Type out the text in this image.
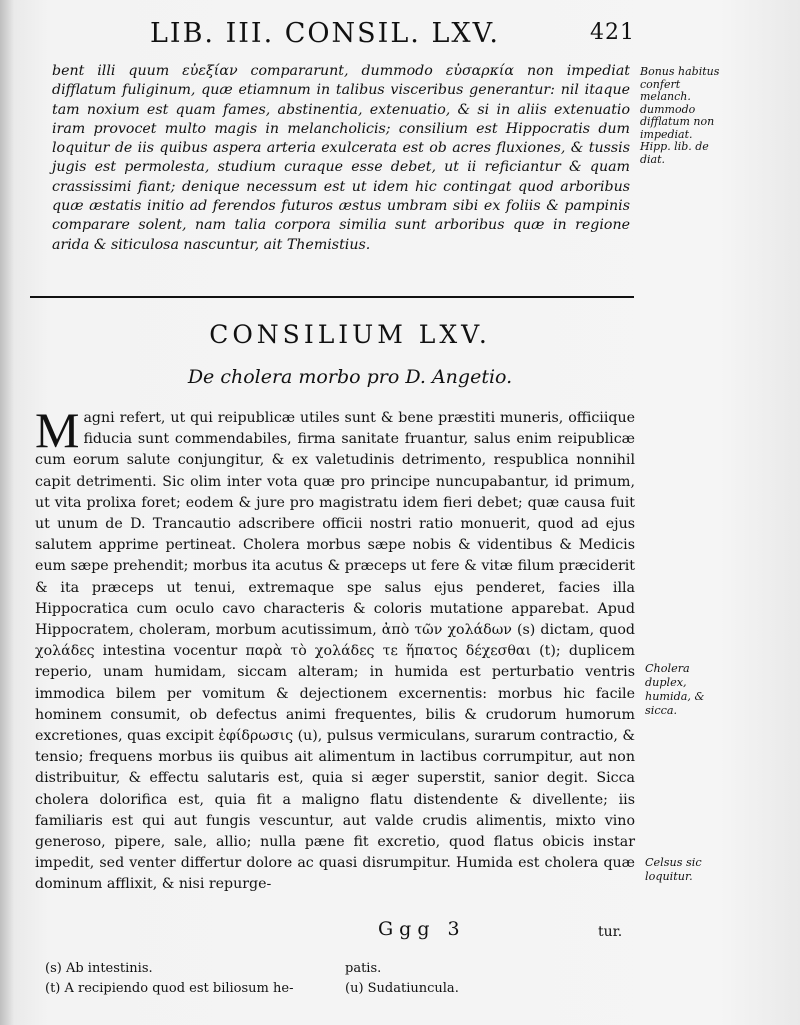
LIB. III. CONSIL. LXV.	421

bent illi quum εὐεξίαν compararunt, dummodo εὐσαρκία non impediat difflatum fuliginum, quæ etiamnum in talibus visceribus generantur: nil itaque tam noxium est quam fames, abstinentia, extenuatio, & si in aliis extenuatio iram provocet multo magis in melancholicis; consilium est Hippocratis dum loquitur de iis quibus aspera arteria exulcerata est ob acres fluxiones, & tussis jugis est permolesta, studium curaque esse debet, ut ii reficiantur & quam crassissimi fiant; denique necessum est ut idem hic contingat quod arboribus quæ æstatis initio ad ferendos futuros æstus umbram sibi ex foliis & pampinis comparare solent, nam talia corpora similia sunt arboribus quæ in regione arida & siticulosa nascuntur, ait Themistius.

Bonus habitus confert melanch. dummodo difflatum non impediat. Hipp. lib. de diat.
CONSILIUM LXV.
De cholera morbo pro D. Angetio.

Magni refert, ut qui reipublicæ utiles sunt & bene præstiti muneris, officiique fiducia sunt commendabiles, firma sanitate fruantur, salus enim reipublicæ cum eorum salute conjungitur, & ex valetudinis detrimento, respublica nonnihil capit detrimenti. Sic olim inter vota quæ pro principe nuncupabantur, id primum, ut vita prolixa foret; eodem & jure pro magistratu idem fieri debet; quæ causa fuit ut unum de D. Trancautio adscribere officii nostri ratio monuerit, quod ad ejus salutem apprime pertineat. Cholera morbus sæpe nobis & videntibus & Medicis eum sæpe prehendit; morbus ita acutus & præceps ut fere & vitæ filum præciderit & ita præceps ut tenui, extremaque spe salus ejus penderet, facies illa Hippocratica cum oculo cavo characteris & coloris mutatione apparebat. Apud Hippocratem, choleram, morbum acutissimum, ἀπὸ τῶν χολάδων (s) dictam, quod χολάδες intestina vocentur παρὰ τὸ χολάδες τε ἥπατος δέχεσθαι (t); duplicem reperio, unam humidam, siccam alteram; in humida est perturbatio ventris immodica bilem per vomitum & dejectionem excernentis: morbus hic facile hominem consumit, ob defectus animi frequentes, bilis & crudorum humorum excretiones, quas excipit ἐφίδρωσις (u), pulsus vermiculans, surarum contractio, & tensio; frequens morbus iis quibus ait alimentum in lactibus corrumpitur, aut non distribuitur, & effectu salutaris est, quia si æger superstit, sanior degit. Sicca cholera dolorifica est, quia fit a maligno flatu distendente & divellente; iis familiaris est qui aut fungis vescuntur, aut valde crudis alimentis, mixto vino generoso, pipere, sale, allio; nulla pæne fit excretio, quod flatus obicis instar impedit, sed venter differtur dolore ac quasi disrumpitur. Humida est cholera quæ dominum afflixit, & nisi repurge-

Cholera duplex, humida, & sicca.
Celsus sic loquitur.
Ggg 3	tur.
(s) Ab intestinis.
(t) A recipiendo quod est biliosum he-
patis.
(u) Sudatiuncula.
